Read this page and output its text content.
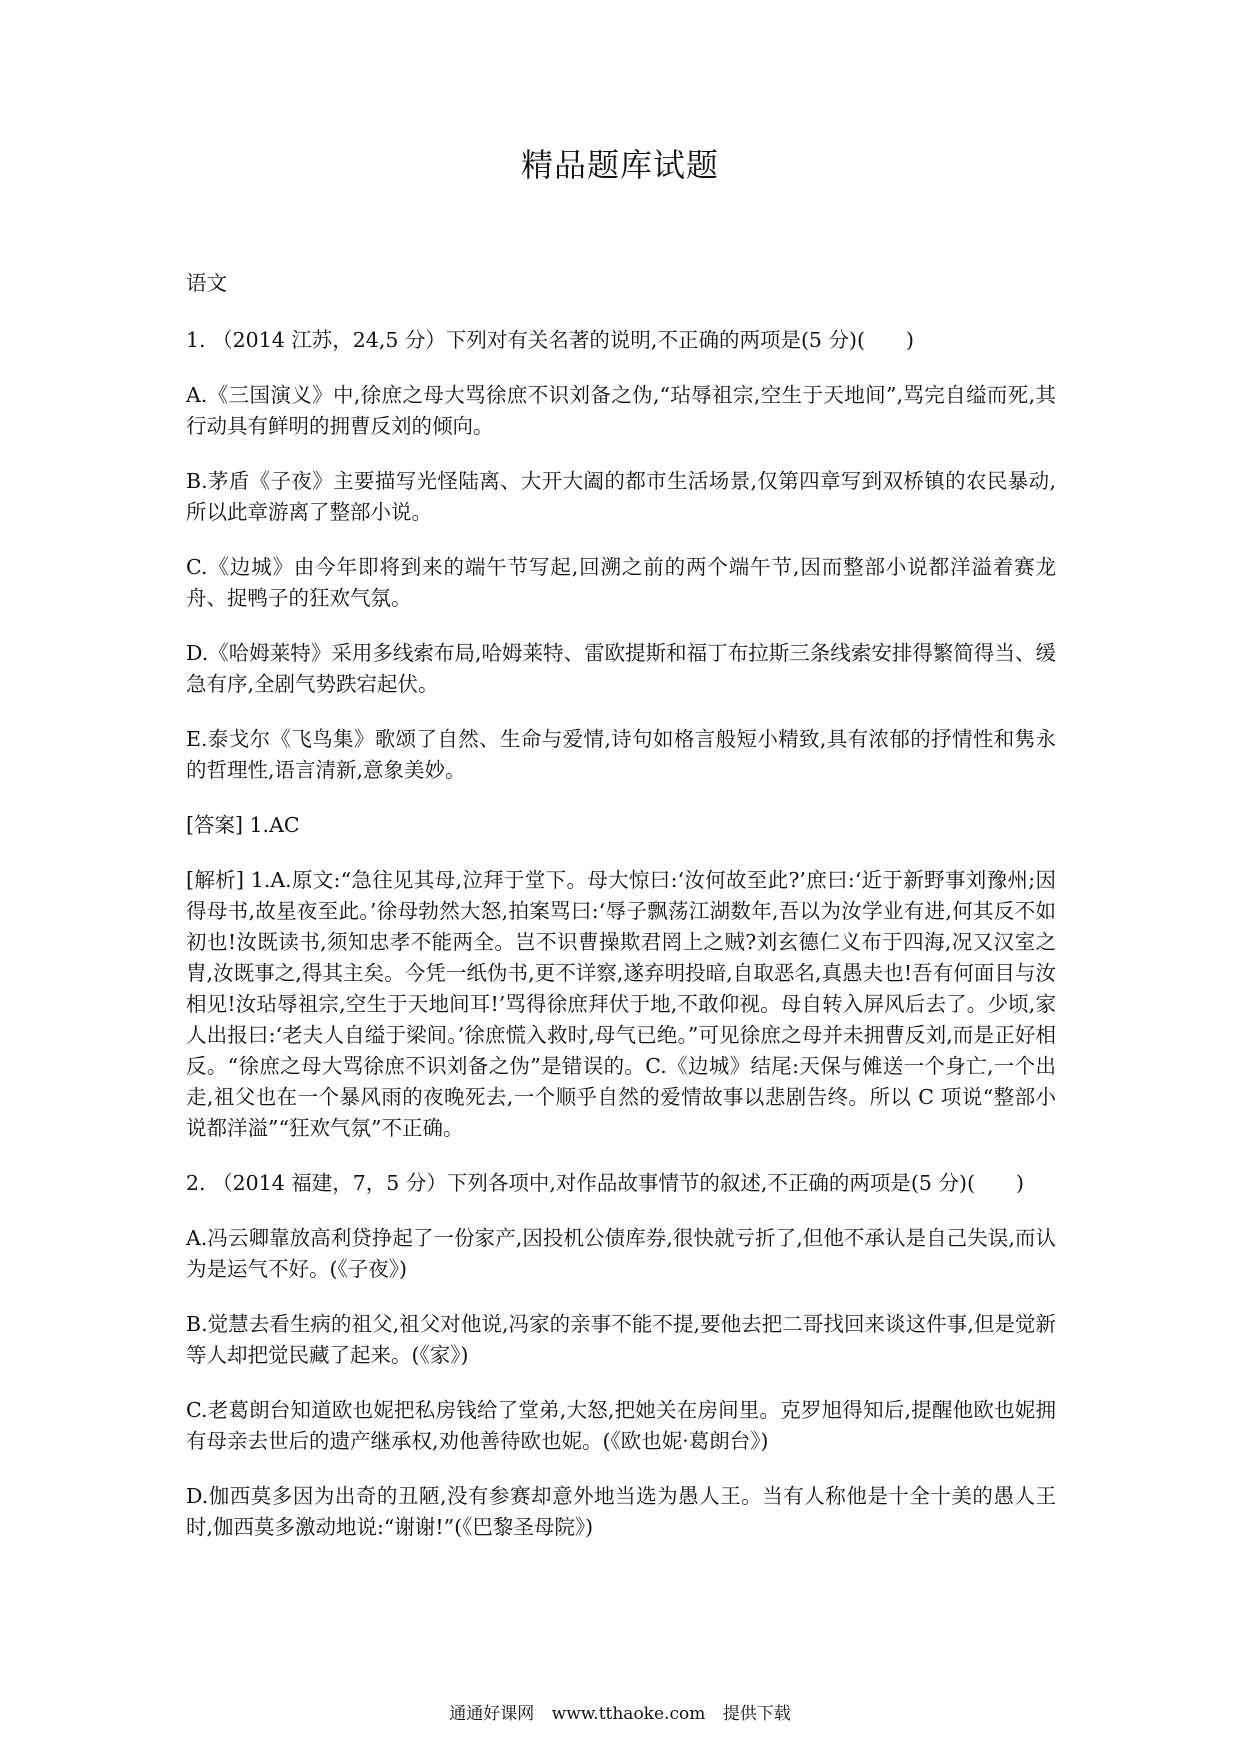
精品题库试题

语文

1. （2014 江苏，24,5 分）下列对有关名著的说明,不正确的两项是(5 分)(　　)

A.《三国演义》中,徐庶之母大骂徐庶不识刘备之伪,“玷辱祖宗,空生于天地间”,骂完自缢而死,其行动具有鲜明的拥曹反刘的倾向。

B.茅盾《子夜》主要描写光怪陆离、大开大阖的都市生活场景,仅第四章写到双桥镇的农民暴动,所以此章游离了整部小说。

C.《边城》由今年即将到来的端午节写起,回溯之前的两个端午节,因而整部小说都洋溢着赛龙舟、捉鸭子的狂欢气氛。

D.《哈姆莱特》采用多线索布局,哈姆莱特、雷欧提斯和福丁布拉斯三条线索安排得繁简得当、缓急有序,全剧气势跌宕起伏。

E.泰戈尔《飞鸟集》歌颂了自然、生命与爱情,诗句如格言般短小精致,具有浓郁的抒情性和隽永的哲理性,语言清新,意象美妙。

[答案] 1.AC

[解析] 1.A.原文:“急往见其母,泣拜于堂下。母大惊曰:‘汝何故至此?’庶曰:‘近于新野事刘豫州;因得母书,故星夜至此。’徐母勃然大怒,拍案骂曰:‘辱子飘荡江湖数年,吾以为汝学业有进,何其反不如初也!汝既读书,须知忠孝不能两全。岂不识曹操欺君罔上之贼?刘玄德仁义布于四海,况又汉室之胄,汝既事之,得其主矣。今凭一纸伪书,更不详察,遂弃明投暗,自取恶名,真愚夫也!吾有何面目与汝相见!汝玷辱祖宗,空生于天地间耳!’骂得徐庶拜伏于地,不敢仰视。母自转入屏风后去了。少顷,家人出报曰:‘老夫人自缢于梁间。’徐庶慌入救时,母气已绝。”可见徐庶之母并未拥曹反刘,而是正好相反。“徐庶之母大骂徐庶不识刘备之伪”是错误的。C.《边城》结尾:天保与傩送一个身亡,一个出走,祖父也在一个暴风雨的夜晚死去,一个顺乎自然的爱情故事以悲剧告终。所以 C 项说“整部小说都洋溢”“狂欢气氛”不正确。

2. （2014 福建，7，5 分）下列各项中,对作品故事情节的叙述,不正确的两项是(5 分)(　　)

A.冯云卿靠放高利贷挣起了一份家产,因投机公债库券,很快就亏折了,但他不承认是自己失误,而认为是运气不好。(《子夜》)

B.觉慧去看生病的祖父,祖父对他说,冯家的亲事不能不提,要他去把二哥找回来谈这件事,但是觉新等人却把觉民藏了起来。(《家》)

C.老葛朗台知道欧也妮把私房钱给了堂弟,大怒,把她关在房间里。克罗旭得知后,提醒他欧也妮拥有母亲去世后的遗产继承权,劝他善待欧也妮。(《欧也妮·葛朗台》)

D.伽西莫多因为出奇的丑陋,没有参赛却意外地当选为愚人王。当有人称他是十全十美的愚人王时,伽西莫多激动地说:“谢谢!”(《巴黎圣母院》)

通通好课网 www.tthaoke.com 提供下载
